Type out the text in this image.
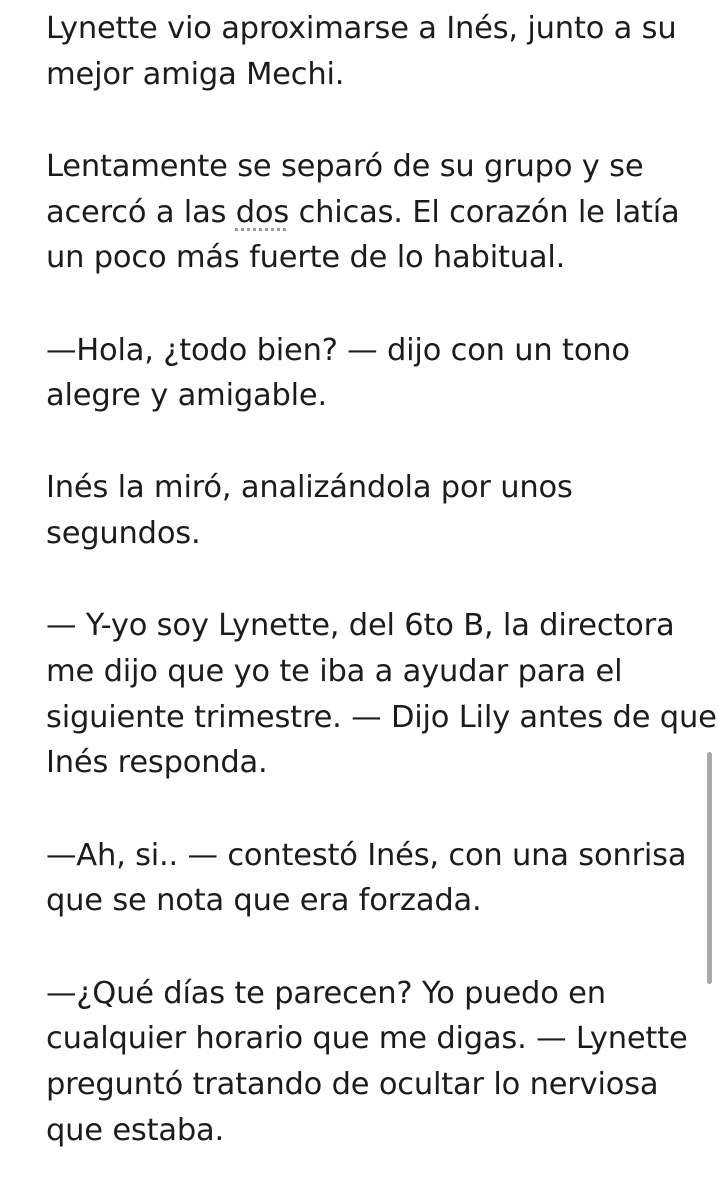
Lynette vio aproximarse a Inés, junto a su
mejor amiga Mechi.

Lentamente se separó de su grupo y se
acercó a las dos chicas. El corazón le latía
un poco más fuerte de lo habitual.

—Hola, ¿todo bien? — dijo con un tono
alegre y amigable.

Inés la miró, analizándola por unos
segundos.

— Y-yo soy Lynette, del 6to B, la directora
me dijo que yo te iba a ayudar para el
siguiente trimestre. — Dijo Lily antes de que
Inés responda.

—Ah, si.. — contestó Inés, con una sonrisa
que se nota que era forzada.

—¿Qué días te parecen? Yo puedo en
cualquier horario que me digas. — Lynette
preguntó tratando de ocultar lo nerviosa
que estaba.
